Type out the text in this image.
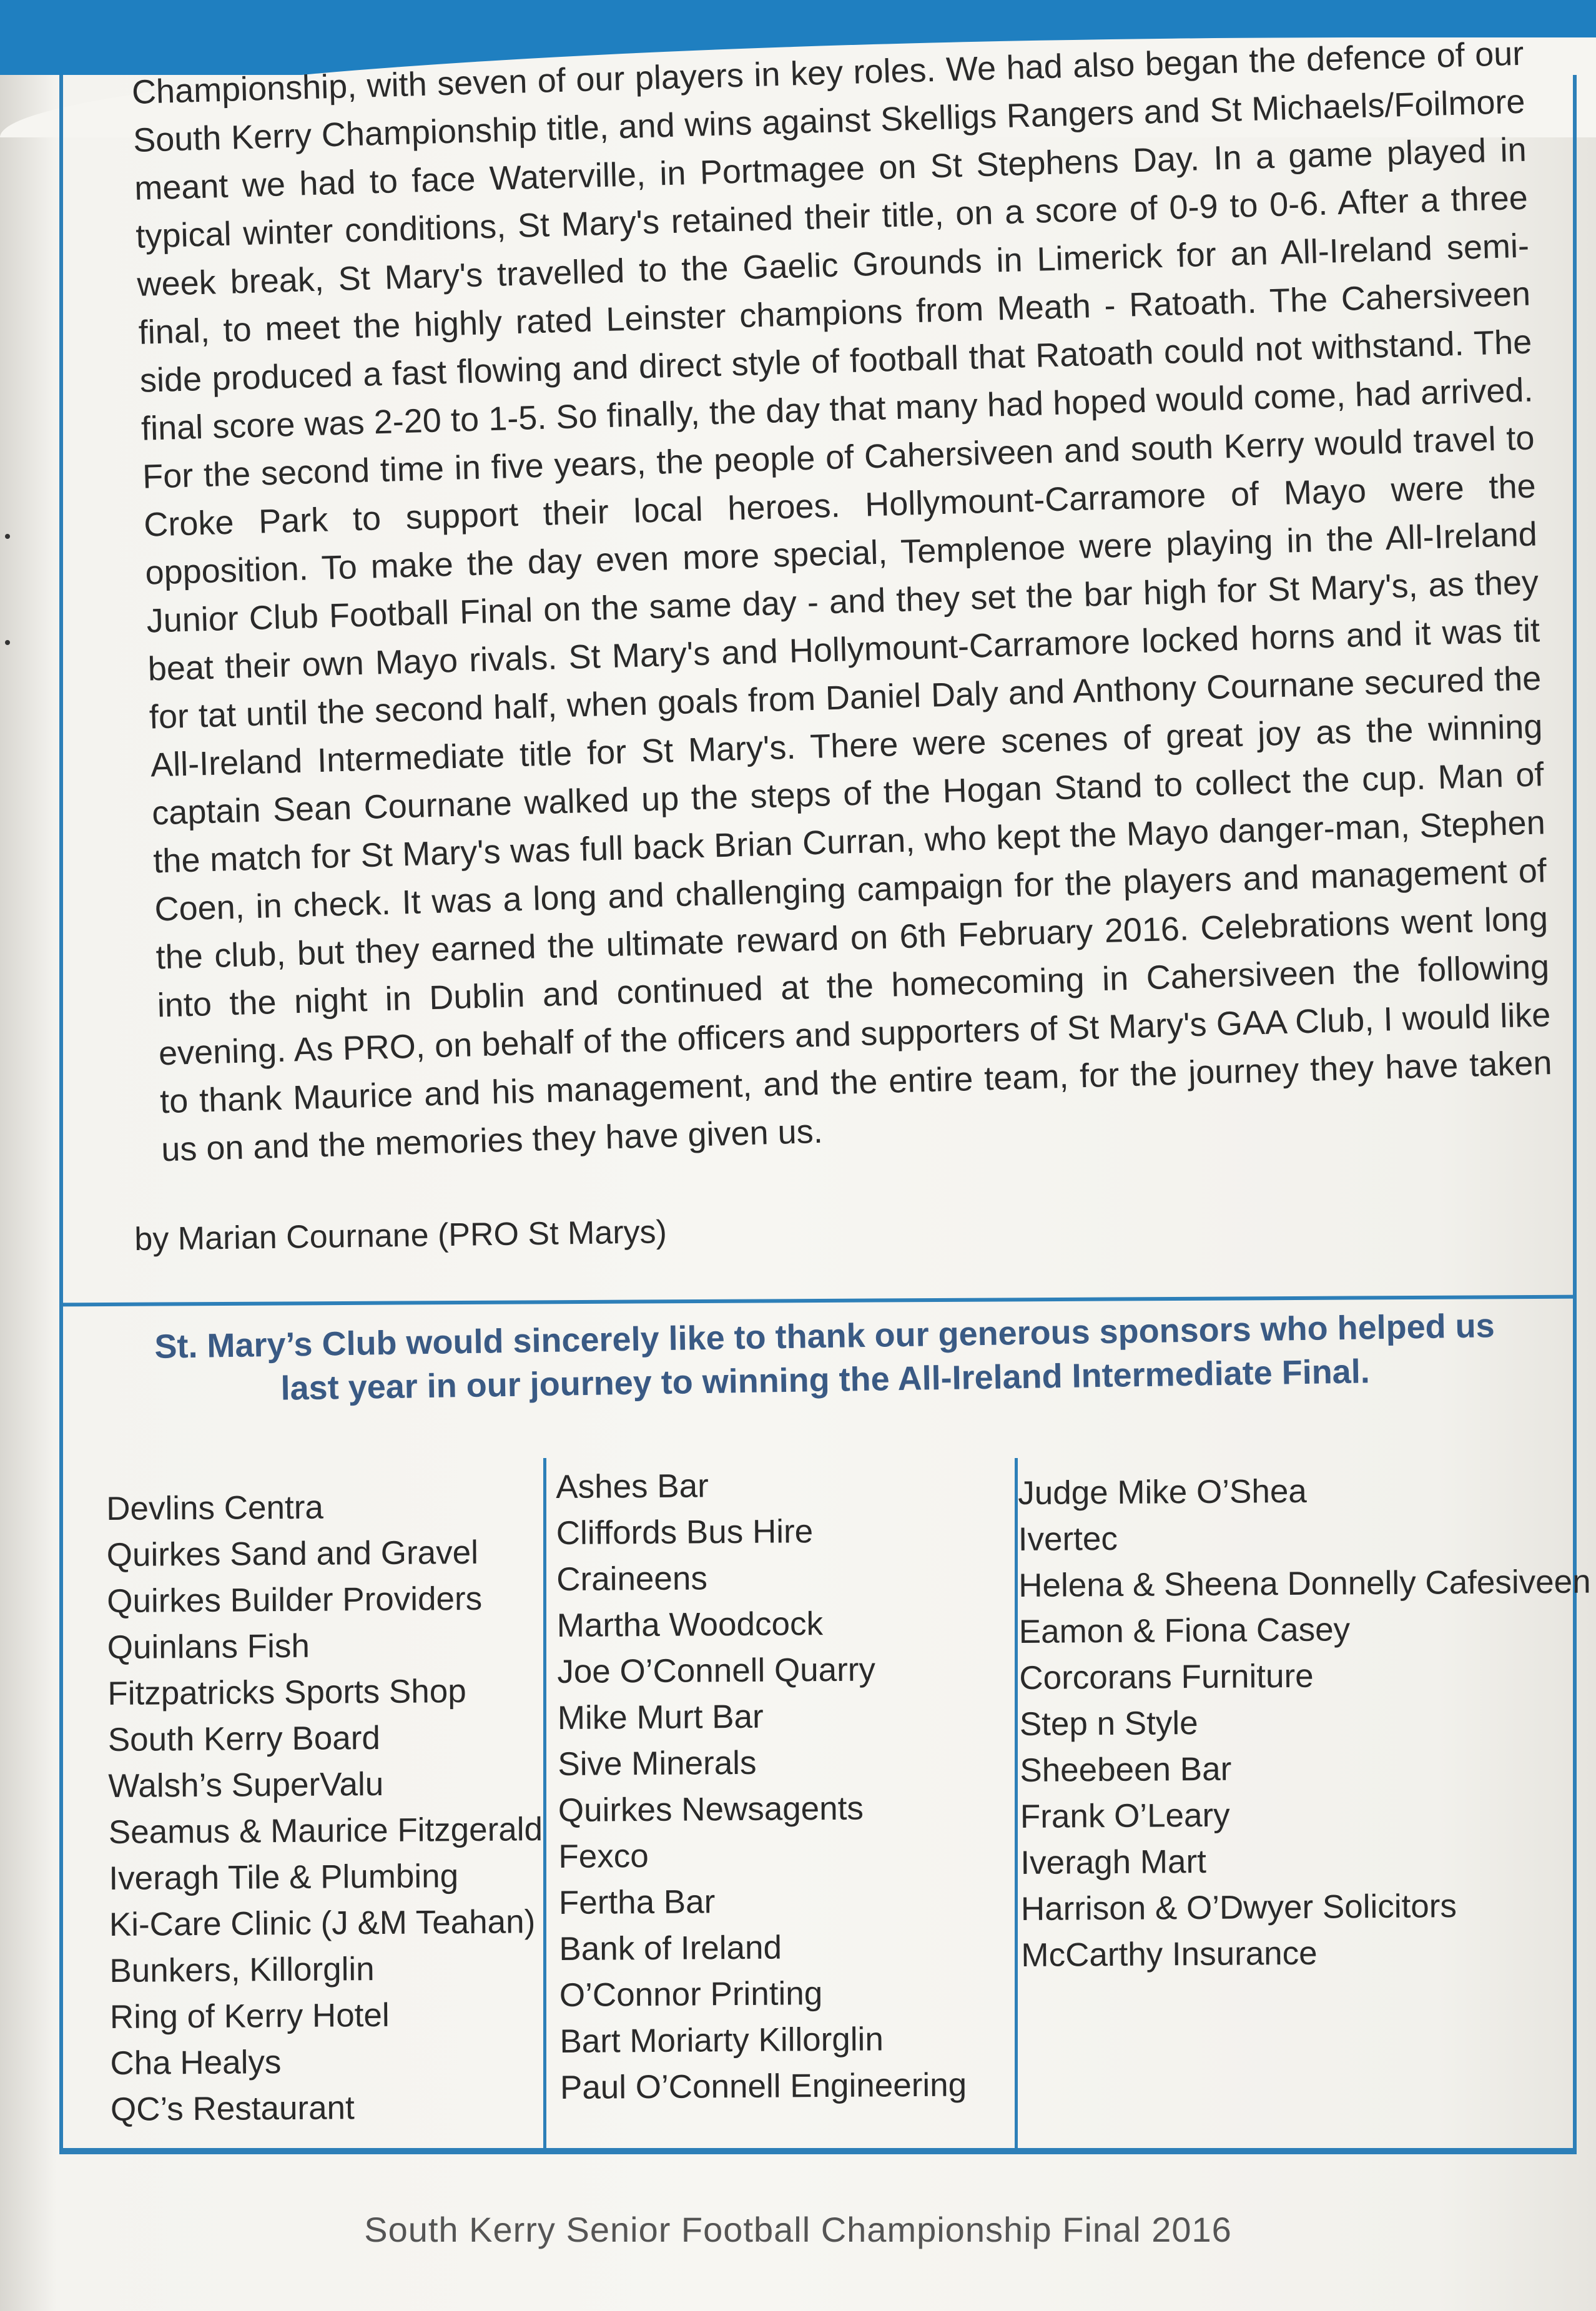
Championship, with seven of our players in key roles. We had also began the defence of our South Kerry Championship title, and wins against Skelligs Rangers and St Michaels/Foilmore meant we had to face Waterville, in Portmagee on St Stephens Day. In a game played in typical winter conditions, St Mary's retained their title, on a score of 0-9 to 0-6. After a three week break, St Mary's travelled to the Gaelic Grounds in Limerick for an All-Ireland semi-final, to meet the highly rated Leinster champions from Meath - Ratoath. The Cahersiveen side produced a fast flowing and direct style of football that Ratoath could not withstand. The final score was 2-20 to 1-5. So finally, the day that many had hoped would come, had arrived. For the second time in five years, the people of Cahersiveen and south Kerry would travel to Croke Park to support their local heroes. Hollymount-Carramore of Mayo were the opposition. To make the day even more special, Templenoe were playing in the All-Ireland Junior Club Football Final on the same day - and they set the bar high for St Mary's, as they beat their own Mayo rivals. St Mary's and Hollymount-Carramore locked horns and it was tit for tat until the second half, when goals from Daniel Daly and Anthony Cournane secured the All-Ireland Intermediate title for St Mary's. There were scenes of great joy as the winning captain Sean Cournane walked up the steps of the Hogan Stand to collect the cup. Man of the match for St Mary's was full back Brian Curran, who kept the Mayo danger-man, Stephen Coen, in check. It was a long and challenging campaign for the players and management of the club, but they earned the ultimate reward on 6th February 2016. Celebrations went long into the night in Dublin and continued at the homecoming in Cahersiveen the following evening. As PRO, on behalf of the officers and supporters of St Mary's GAA Club, I would like to thank Maurice and his management, and the entire team, for the journey they have taken us on and the memories they have given us.

by Marian Cournane (PRO St Marys)
St. Mary’s Club would sincerely like to thank our generous sponsors who helped us
last year in our journey to winning the All-Ireland Intermediate Final.
Devlins Centra
Quirkes Sand and Gravel
Quirkes Builder Providers
Quinlans Fish
Fitzpatricks Sports Shop
South Kerry Board
Walsh’s SuperValu
Seamus & Maurice Fitzgerald
Iveragh Tile & Plumbing
Ki-Care Clinic (J &M Teahan)
Bunkers, Killorglin
Ring of Kerry Hotel
Cha Healys
QC’s Restaurant
Ashes Bar
Cliffords Bus Hire
Craineens
Martha Woodcock
Joe O’Connell Quarry
Mike Murt Bar
Sive Minerals
Quirkes Newsagents
Fexco
Fertha Bar
Bank of Ireland
O’Connor Printing
Bart Moriarty Killorglin
Paul O’Connell Engineering
Judge Mike O’Shea
Ivertec
Helena & Sheena Donnelly Cafesiveen
Eamon & Fiona Casey
Corcorans Furniture
Step n Style
Sheebeen Bar
Frank O’Leary
Iveragh Mart
Harrison & O’Dwyer Solicitors
McCarthy Insurance
South Kerry Senior Football Championship Final 2016
